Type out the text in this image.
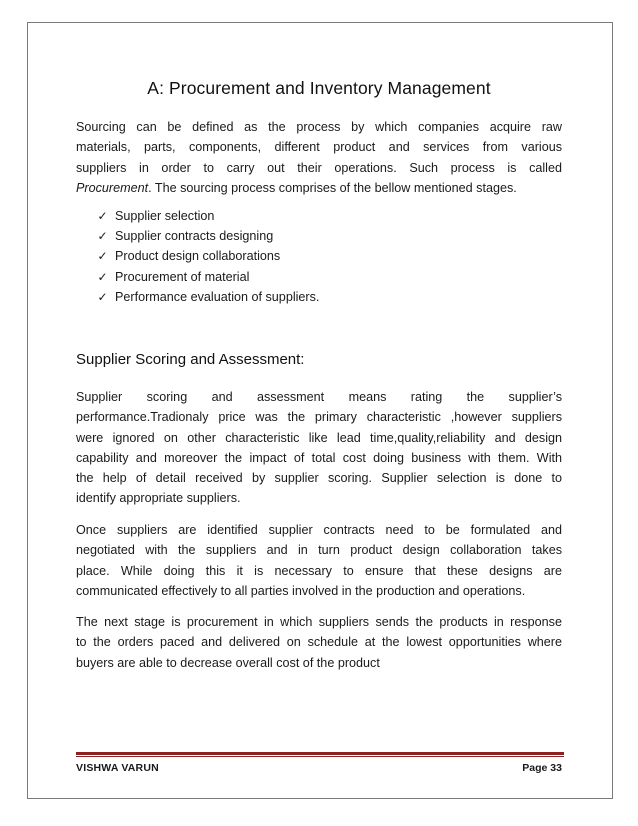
A: Procurement and Inventory Management
Sourcing can be defined as the process by which companies acquire raw
materials, parts, components, different product and services from various
suppliers in order to carry out their operations. Such process is called
Procurement. The sourcing process comprises of the bellow mentioned stages.
✓ Supplier selection
✓ Supplier contracts designing
✓ Product design collaborations
✓ Procurement of material
✓ Performance evaluation of suppliers.
Supplier Scoring and Assessment:
Supplier scoring and assessment means rating the supplier’s
performance.Tradionaly price was the primary characteristic ,however suppliers
were ignored on other characteristic like lead time,quality,reliability and design
capability and moreover the impact of total cost doing business with them. With
the help of detail received by supplier scoring. Supplier selection is done to
identify appropriate suppliers.
Once suppliers are identified supplier contracts need to be formulated and
negotiated with the suppliers and in turn product design collaboration takes
place. While doing this it is necessary to ensure that these designs are
communicated effectively to all parties involved in the production and operations.
The next stage is procurement in which suppliers sends the products in response
to the orders paced and delivered on schedule at the lowest opportunities where
buyers are able to decrease overall cost of the product
VISHWA VARUN	Page 33
